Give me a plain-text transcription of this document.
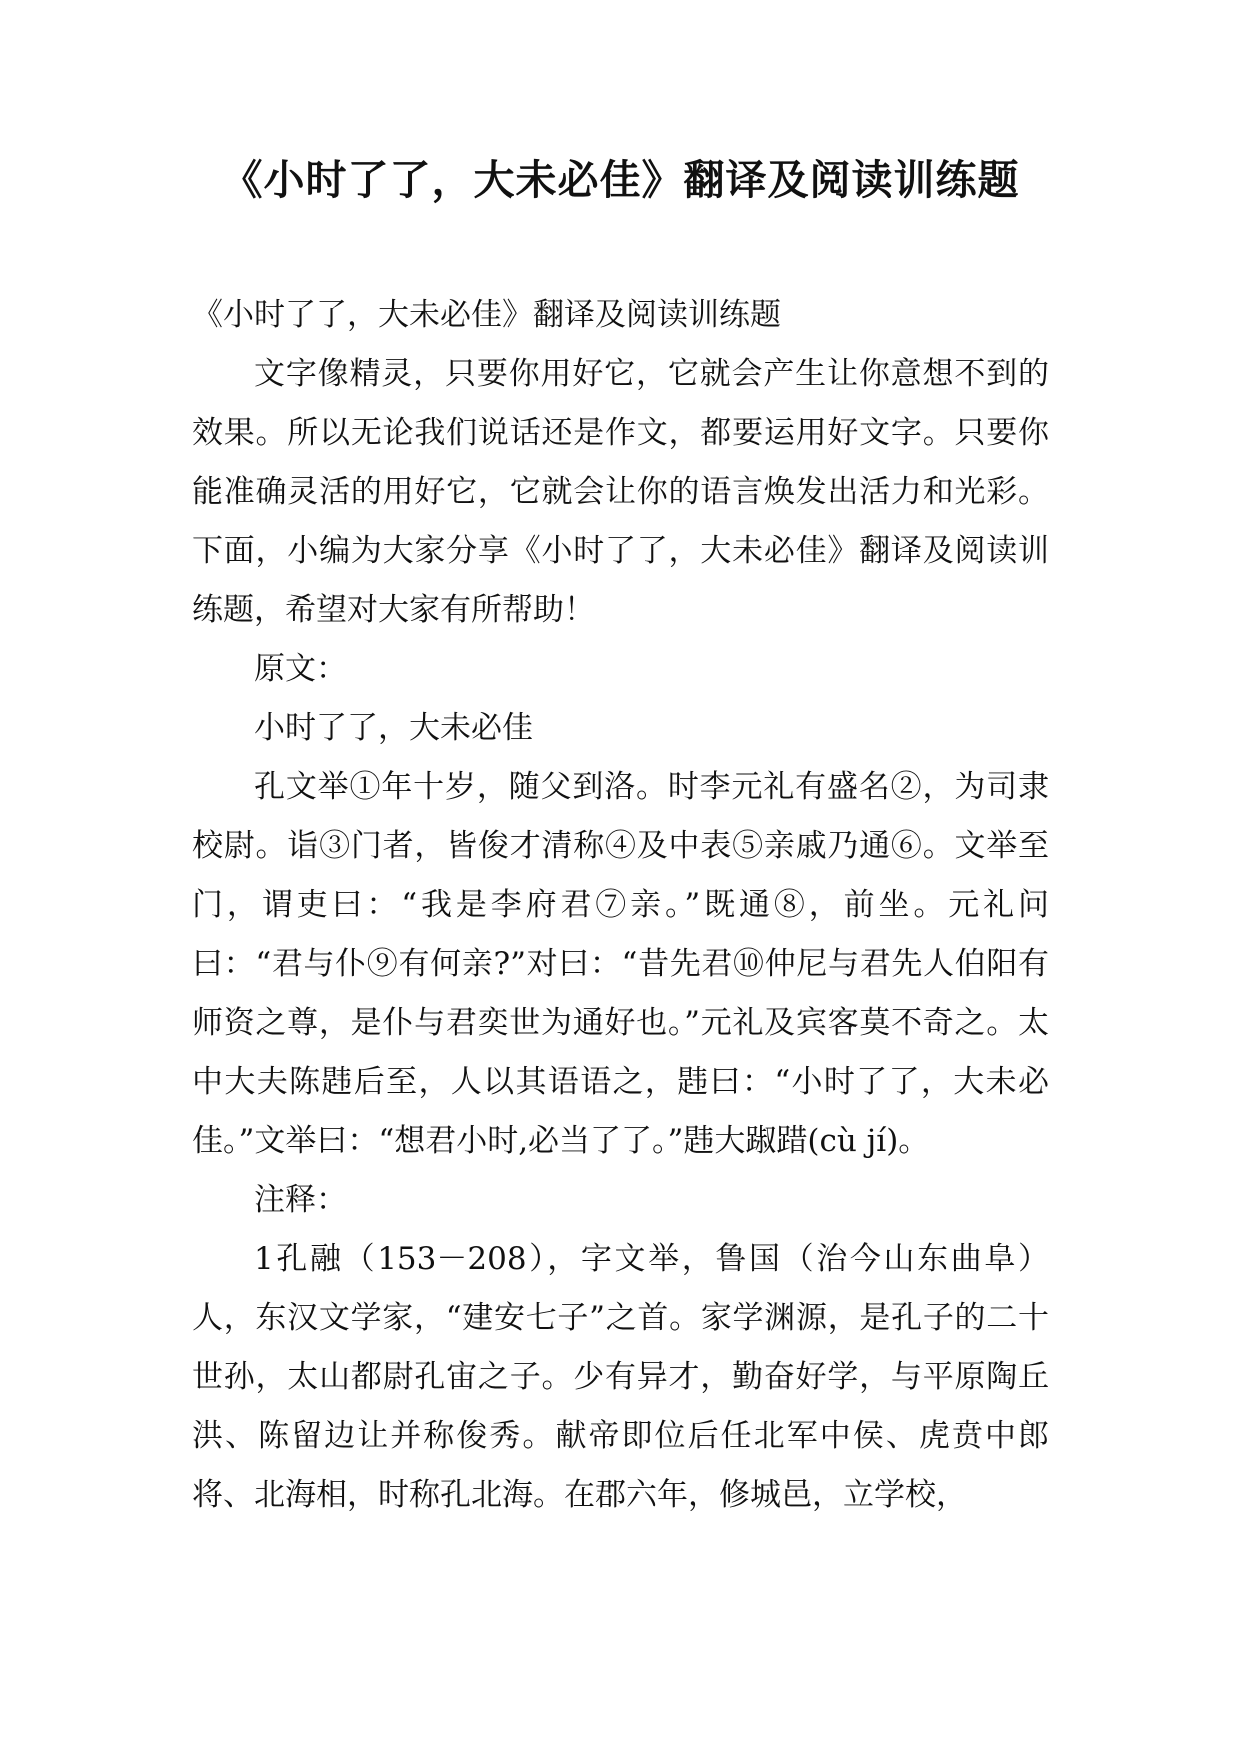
《小时了了，大未必佳》翻译及阅读训练题

《小时了了，大未必佳》翻译及阅读训练题

文字像精灵，只要你用好它，它就会产生让你意想不到的效果。所以无论我们说话还是作文，都要运用好文字。只要你能准确灵活的用好它，它就会让你的语言焕发出活力和光彩。下面，小编为大家分享《小时了了，大未必佳》翻译及阅读训练题，希望对大家有所帮助！

原文：

小时了了，大未必佳

孔文举①年十岁，随父到洛。时李元礼有盛名②，为司隶校尉。诣③门者，皆俊才清称④及中表⑤亲戚乃通⑥。文举至门，谓吏曰：“我是李府君⑦亲。”既通⑧，前坐。元礼问曰：“君与仆⑨有何亲?”对曰：“昔先君⑩仲尼与君先人伯阳有师资之尊，是仆与君奕世为通好也。”元礼及宾客莫不奇之。太中大夫陈韪后至，人以其语语之，韪曰：“小时了了，大未必佳。”文举曰：“想君小时,必当了了。”韪大踧踖(cù jí)。

注释：

1孔融（153－208），字文举，鲁国（治今山东曲阜）人，东汉文学家，“建安七子”之首。家学渊源，是孔子的二十世孙，太山都尉孔宙之子。少有异才，勤奋好学，与平原陶丘洪、陈留边让并称俊秀。献帝即位后任北军中侯、虎贲中郎将、北海相，时称孔北海。在郡六年，修城邑，立学校，
